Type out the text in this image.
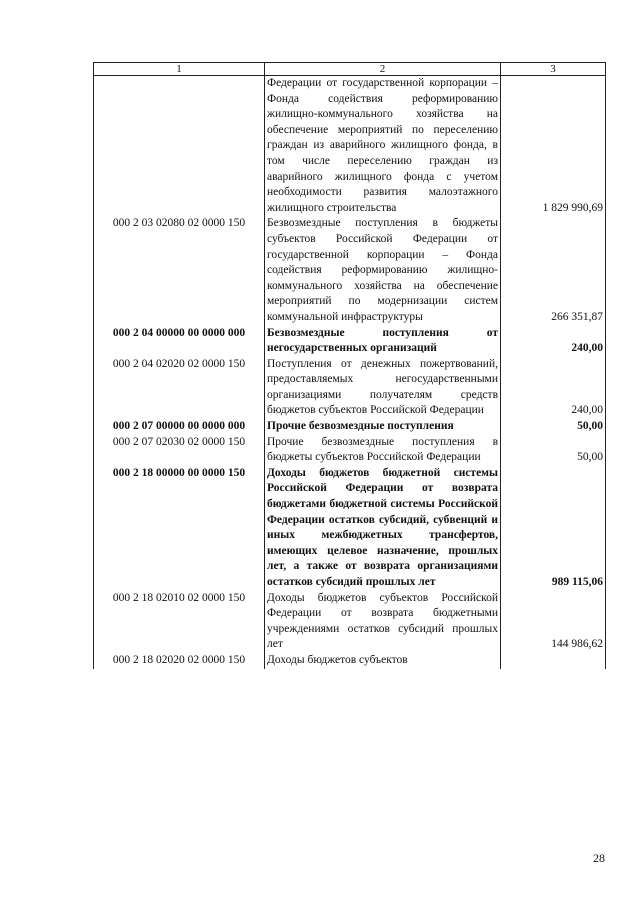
1	2	3
	Федерации от государственной корпорации – Фонда содействия реформированию жилищно-коммунального хозяйства на обеспечение мероприятий по переселению граждан из аварийного жилищного фонда, в том числе переселению граждан из аварийного жилищного фонда с учетом необходимости развития малоэтажного жилищного строительства	1 829 990,69
000 2 03 02080 02 0000 150	Безвозмездные поступления в бюджеты субъектов Российской Федерации от государственной корпорации – Фонда содействия реформированию жилищно-коммунального хозяйства на обеспечение мероприятий по модернизации систем коммунальной инфраструктуры	266 351,87
000 2 04 00000 00 0000 000	Безвозмездные поступления от негосударственных организаций	240,00
000 2 04 02020 02 0000 150	Поступления от денежных пожертвований, предоставляемых негосударственными организациями получателям средств бюджетов субъектов Российской Федерации	240,00
000 2 07 00000 00 0000 000	Прочие безвозмездные поступления	50,00
000 2 07 02030 02 0000 150	Прочие безвозмездные поступления в бюджеты субъектов Российской Федерации	50,00
000 2 18 00000 00 0000 150	Доходы бюджетов бюджетной системы Российской Федерации от возврата бюджетами бюджетной системы Российской Федерации остатков субсидий, субвенций и иных межбюджетных трансфертов, имеющих целевое назначение, прошлых лет, а также от возврата организациями остатков субсидий прошлых лет	989 115,06
000 2 18 02010 02 0000 150	Доходы бюджетов субъектов Российской Федерации от возврата бюджетными учреждениями остатков субсидий прошлых лет	144 986,62
000 2 18 02020 02 0000 150	Доходы бюджетов субъектов	
28
